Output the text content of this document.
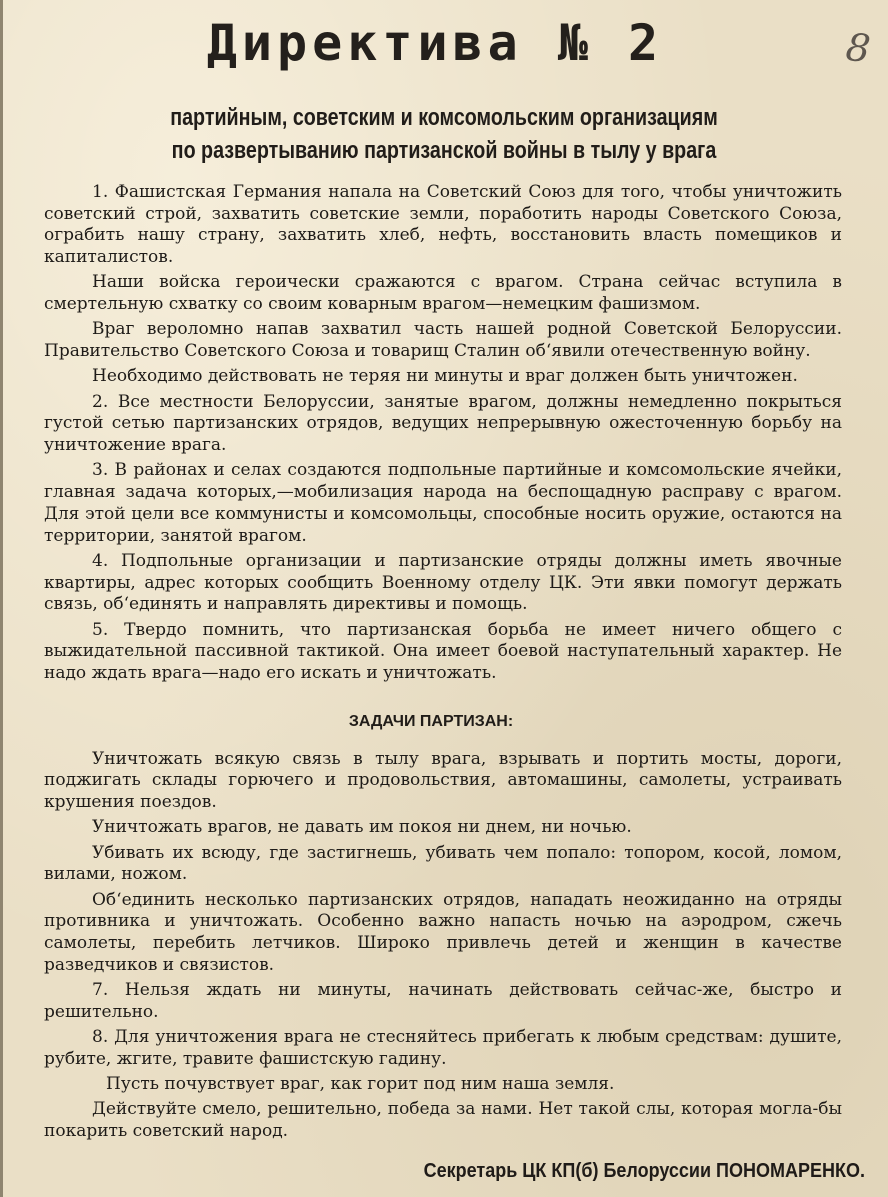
Директива № 2	8
партийным, советским и комсомольским организациям
по развертыванию партизанской войны в тылу у врага

1. Фашистская Германия напала на Советский Союз для того, чтобы уничтожить советский строй, захватить советские земли, поработить народы Советского Союза, ограбить нашу страну, захватить хлеб, нефть, восстановить власть помещиков и капиталистов.

Наши войска героически сражаются с врагом. Страна сейчас вступила в смертельную схватку со своим коварным врагом—немецким фашизмом.

Враг вероломно напав захватил часть нашей родной Советской Белоруссии. Правительство Советского Союза и товарищ Сталин об‘явили отечественную войну.

Необходимо действовать не теряя ни минуты и враг должен быть уничтожен.

2. Все местности Белоруссии, занятые врагом, должны немедленно покрыться густой сетью партизанских отрядов, ведущих непрерывную ожесточенную борьбу на уничтожение врага.

3. В районах и селах создаются подпольные партийные и комсомольские ячейки, главная задача которых,—мобилизация народа на беспощадную расправу с врагом. Для этой цели все коммунисты и комсомольцы, способные носить оружие, остаются на территории, занятой врагом.

4. Подпольные организации и партизанские отряды должны иметь явочные квартиры, адрес которых сообщить Военному отделу ЦК. Эти явки помогут держать связь, об‘единять и направлять директивы и помощь.

5. Твердо помнить, что партизанская борьба не имеет ничего общего с выжидательной пассивной тактикой. Она имеет боевой наступательный характер. Не надо ждать врага—надо его искать и уничтожать.

ЗАДАЧИ ПАРТИЗАН:

Уничтожать всякую связь в тылу врага, взрывать и портить мосты, дороги, поджигать склады горючего и продовольствия, автомашины, самолеты, устраивать крушения поездов.

Уничтожать врагов, не давать им покоя ни днем, ни ночью.

Убивать их всюду, где застигнешь, убивать чем попало: топором, косой, ломом, вилами, ножом.

Об‘единить несколько партизанских отрядов, нападать неожиданно на отряды противника и уничтожать. Особенно важно напасть ночью на аэродром, сжечь самолеты, перебить летчиков. Широко привлечь детей и женщин в качестве разведчиков и связистов.

7. Нельзя ждать ни минуты, начинать действовать сейчас-же, быстро и решительно.

8. Для уничтожения врага не стесняйтесь прибегать к любым средствам: душите, рубите, жгите, травите фашистскую гадину.

Пусть почувствует враг, как горит под ним наша земля.

Действуйте смело, решительно, победа за нами. Нет такой слы, которая могла-бы покарить советский народ.

Секретарь ЦК КП(б) Белоруссии ПОНОМАРЕНКО.
